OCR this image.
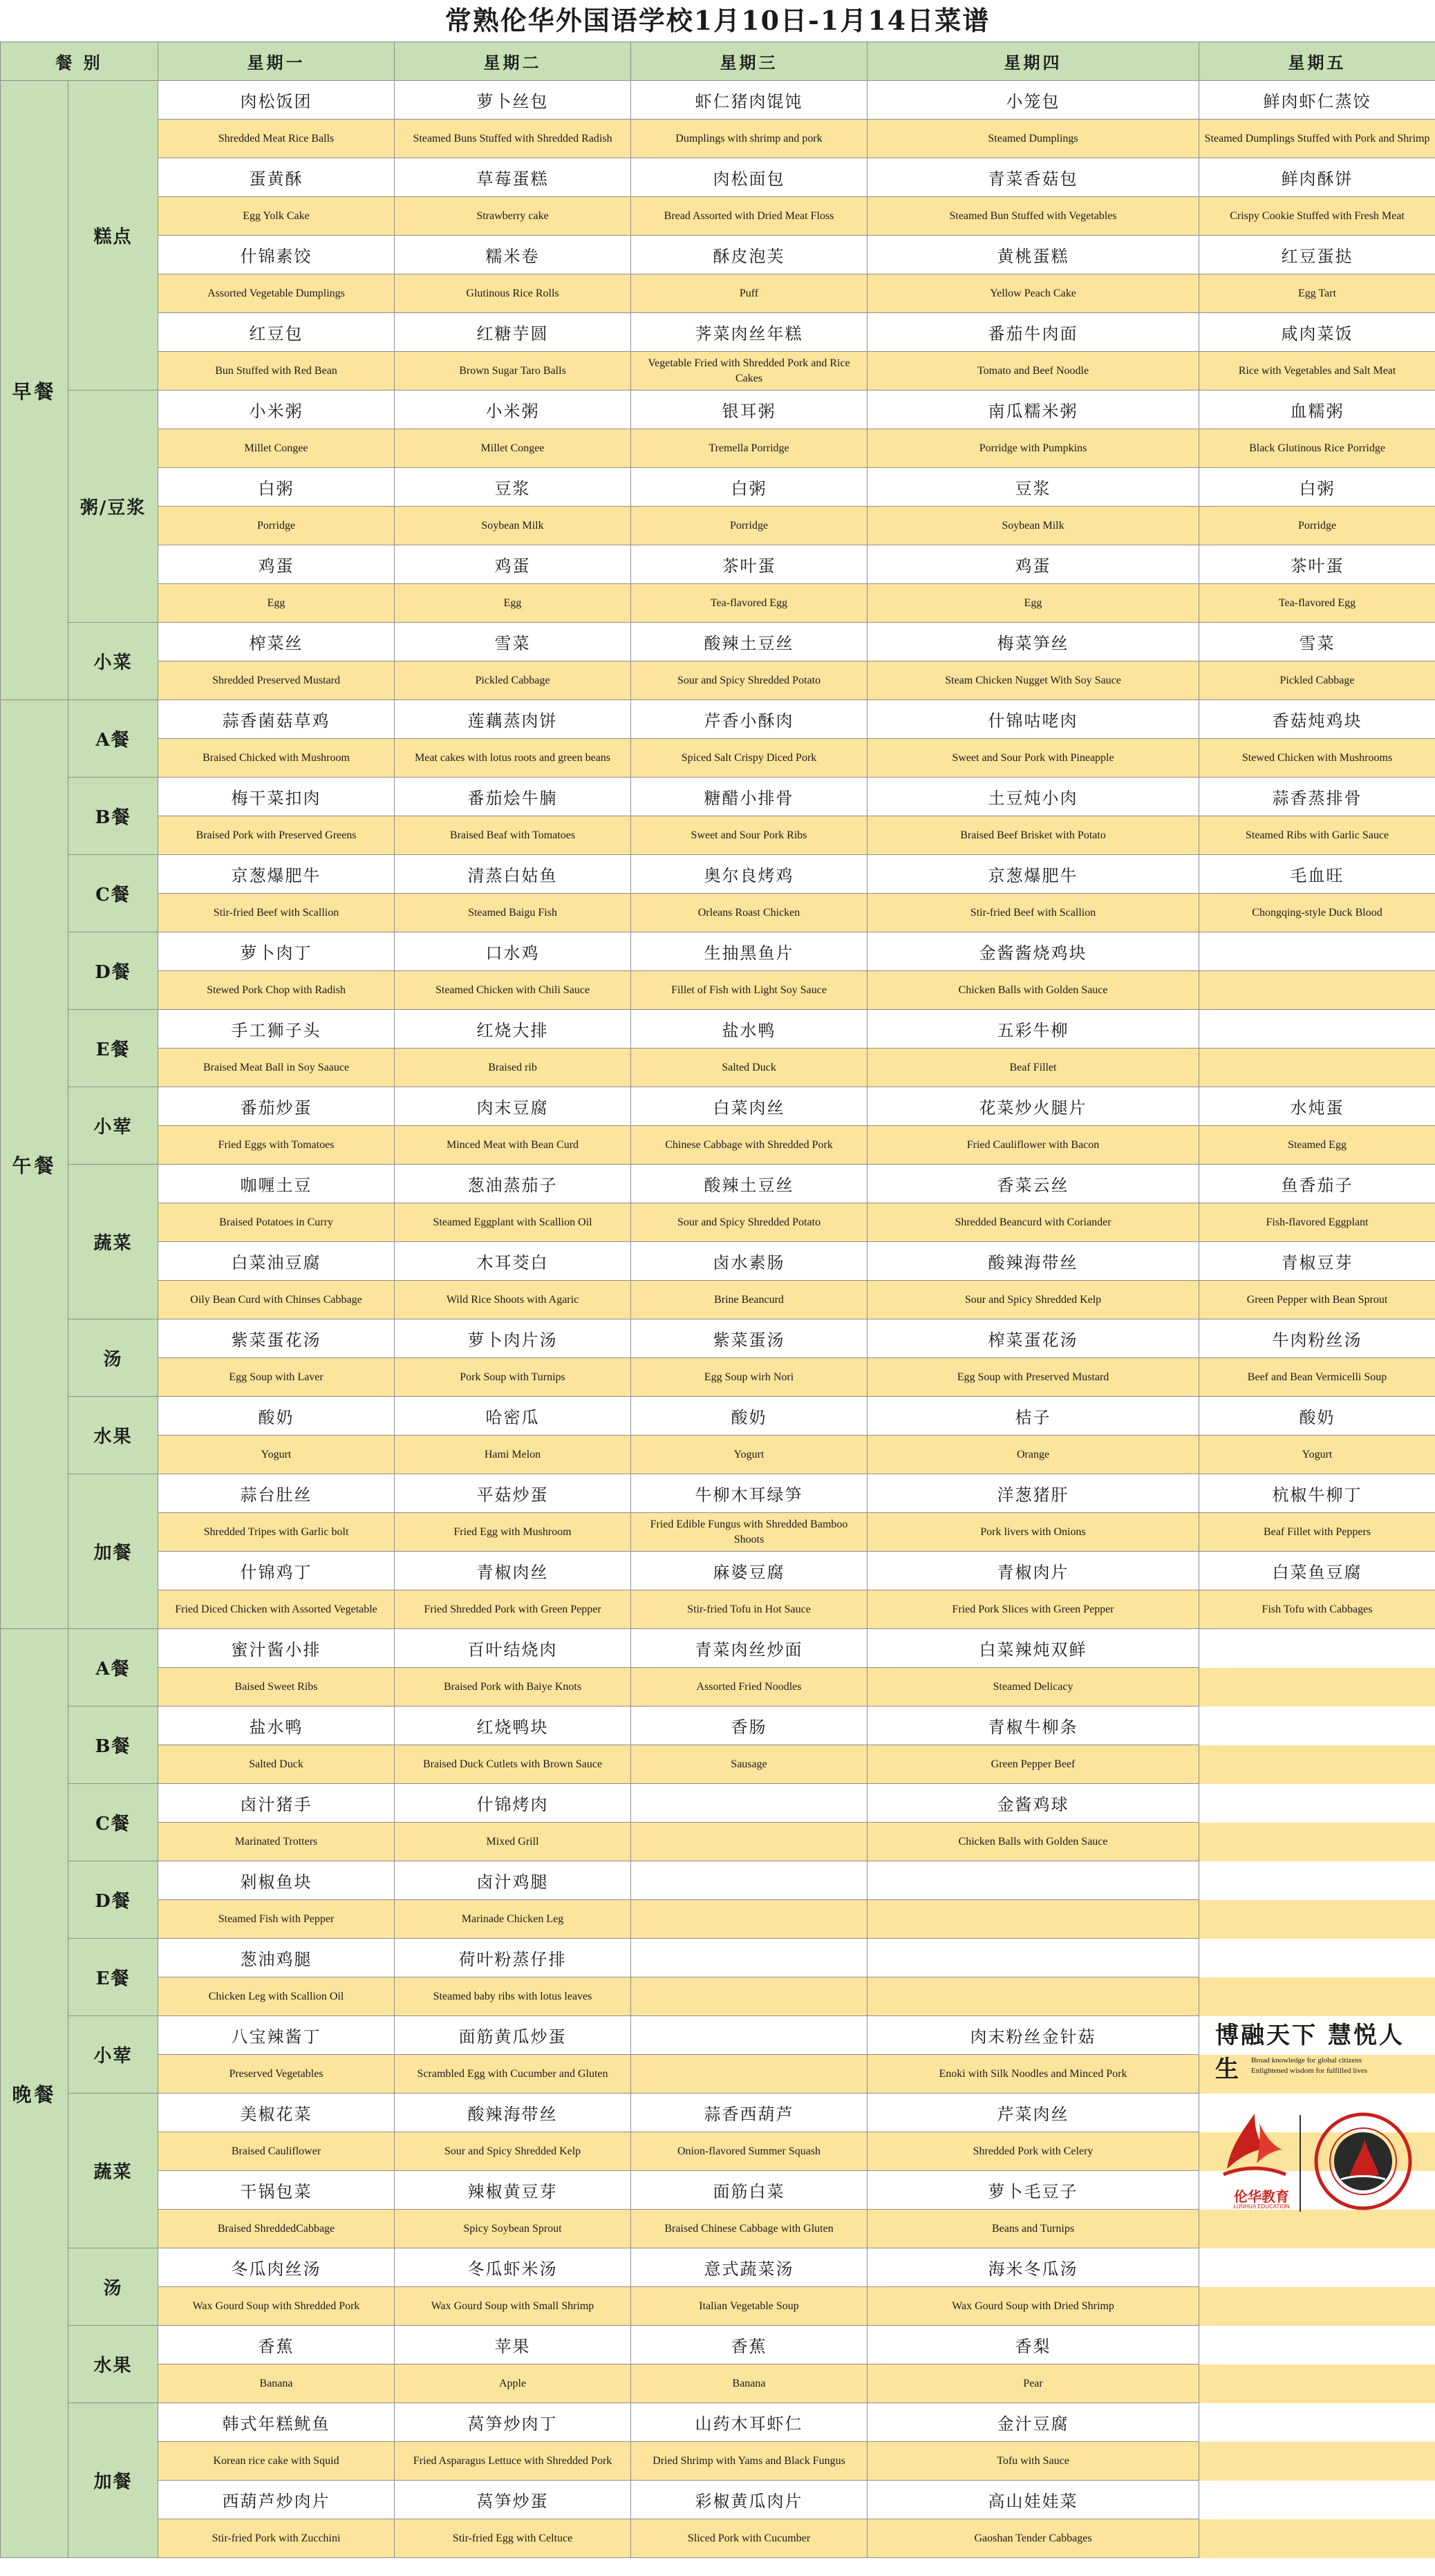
常熟伦华外国语学校1月10日-1月14日菜谱
餐 别		星期一	星期二	星期三	星期四	星期五
早餐	糕点	肉松饭团	萝卜丝包	虾仁猪肉馄饨	小笼包	鲜肉虾仁蒸饺
		Shredded Meat Rice Balls	Steamed Buns Stuffed with Shredded Radish	Dumplings with shrimp and pork	Steamed Dumplings	Steamed Dumplings Stuffed with Pork and Shrimp
		蛋黄酥	草莓蛋糕	肉松面包	青菜香菇包	鲜肉酥饼
		Egg Yolk Cake	Strawberry cake	Bread Assorted with Dried Meat Floss	Steamed Bun Stuffed with Vegetables	Crispy Cookie Stuffed with Fresh Meat
		什锦素饺	糯米卷	酥皮泡芙	黄桃蛋糕	红豆蛋挞
		Assorted Vegetable Dumplings	Glutinous Rice Rolls	Puff	Yellow Peach Cake	Egg Tart
		红豆包	红糖芋圆	荠菜肉丝年糕	番茄牛肉面	咸肉菜饭
		Bun Stuffed with Red Bean	Brown Sugar Taro Balls	Vegetable Fried with Shredded Pork and Rice Cakes	Tomato and Beef Noodle	Rice with Vegetables and Salt Meat
	粥/豆浆	小米粥	小米粥	银耳粥	南瓜糯米粥	血糯粥
		Millet Congee	Millet Congee	Tremella Porridge	Porridge with Pumpkins	Black Glutinous Rice Porridge
		白粥	豆浆	白粥	豆浆	白粥
		Porridge	Soybean Milk	Porridge	Soybean Milk	Porridge
		鸡蛋	鸡蛋	茶叶蛋	鸡蛋	茶叶蛋
		Egg	Egg	Tea-flavored Egg	Egg	Tea-flavored Egg
	小菜	榨菜丝	雪菜	酸辣土豆丝	梅菜笋丝	雪菜
		Shredded Preserved Mustard	Pickled Cabbage	Sour and Spicy Shredded Potato	Steam Chicken Nugget With Soy Sauce	Pickled Cabbage
午餐	A餐	蒜香菌菇草鸡	莲藕蒸肉饼	芹香小酥肉	什锦咕咾肉	香菇炖鸡块
		Braised Chicked with Mushroom	Meat cakes with lotus roots and green beans	Spiced Salt Crispy Diced Pork	Sweet and Sour Pork with Pineapple	Stewed Chicken with Mushrooms
	B餐	梅干菜扣肉	番茄烩牛腩	糖醋小排骨	土豆炖小肉	蒜香蒸排骨
		Braised Pork with Preserved Greens	Braised Beaf with Tomatoes	Sweet and Sour Pork Ribs	Braised Beef Brisket with Potato	Steamed Ribs with Garlic Sauce
	C餐	京葱爆肥牛	清蒸白姑鱼	奥尔良烤鸡	京葱爆肥牛	毛血旺
		Stir-fried Beef with Scallion	Steamed Baigu Fish	Orleans Roast Chicken	Stir-fried Beef with Scallion	Chongqing-style Duck Blood
	D餐	萝卜肉丁	口水鸡	生抽黑鱼片	金酱酱烧鸡块	
		Stewed Pork Chop with Radish	Steamed Chicken with Chili Sauce	Fillet of Fish with Light Soy Sauce	Chicken Balls with Golden Sauce	
	E餐	手工狮子头	红烧大排	盐水鸭	五彩牛柳	
		Braised Meat Ball in Soy Saauce	Braised rib	Salted Duck	Beaf Fillet	
	小荤	番茄炒蛋	肉末豆腐	白菜肉丝	花菜炒火腿片	水炖蛋
		Fried Eggs with Tomatoes	Minced Meat with Bean Curd	Chinese Cabbage with Shredded Pork	Fried Cauliflower with Bacon	Steamed Egg
	蔬菜	咖喱土豆	葱油蒸茄子	酸辣土豆丝	香菜云丝	鱼香茄子
		Braised Potatoes in Curry	Steamed Eggplant with Scallion Oil	Sour and Spicy Shredded Potato	Shredded Beancurd with Coriander	Fish-flavored Eggplant
		白菜油豆腐	木耳茭白	卤水素肠	酸辣海带丝	青椒豆芽
		Oily Bean Curd with Chinses Cabbage	Wild Rice Shoots with Agaric	Brine Beancurd	Sour and Spicy Shredded Kelp	Green Pepper with Bean Sprout
	汤	紫菜蛋花汤	萝卜肉片汤	紫菜蛋汤	榨菜蛋花汤	牛肉粉丝汤
		Egg Soup with Laver	Pork Soup with Turnips	Egg Soup wirh Nori	Egg Soup with Preserved Mustard	Beef and Bean Vermicelli Soup
	水果	酸奶	哈密瓜	酸奶	桔子	酸奶
		Yogurt	Hami Melon	Yogurt	Orange	Yogurt
	加餐	蒜台肚丝	平菇炒蛋	牛柳木耳绿笋	洋葱猪肝	杭椒牛柳丁
		Shredded Tripes with Garlic bolt	Fried Egg with Mushroom	Fried Edible Fungus with Shredded Bamboo Shoots	Pork livers with Onions	Beaf Fillet with Peppers
		什锦鸡丁	青椒肉丝	麻婆豆腐	青椒肉片	白菜鱼豆腐
		Fried Diced Chicken with Assorted Vegetable	Fried Shredded Pork with Green Pepper	Stir-fried Tofu in Hot Sauce	Fried Pork Slices with Green Pepper	Fish Tofu with Cabbages
晚餐	A餐	蜜汁酱小排	百叶结烧肉	青菜肉丝炒面	白菜辣炖双鲜	
		Baised Sweet Ribs	Braised Pork with Baiye Knots	Assorted Fried Noodles	Steamed Delicacy	
	B餐	盐水鸭	红烧鸭块	香肠	青椒牛柳条	
		Salted Duck	Braised Duck Cutlets with Brown Sauce	Sausage	Green Pepper Beef	
	C餐	卤汁猪手	什锦烤肉		金酱鸡球	
		Marinated Trotters	Mixed Grill		Chicken Balls with Golden Sauce	
	D餐	剁椒鱼块	卤汁鸡腿			
		Steamed Fish with Pepper	Marinade Chicken Leg			
	E餐	葱油鸡腿	荷叶粉蒸仔排			
		Chicken Leg with Scallion Oil	Steamed baby ribs with lotus leaves			
	小荤	八宝辣酱丁	面筋黄瓜炒蛋		肉末粉丝金针菇	
		Preserved Vegetables	Scrambled Egg with Cucumber and Gluten		Enoki with Silk Noodles and Minced Pork	
	蔬菜	美椒花菜	酸辣海带丝	蒜香西葫芦	芹菜肉丝	
		Braised Cauliflower	Sour and Spicy Shredded Kelp	Onion-flavored Summer Squash	Shredded Pork with Celery	
		干锅包菜	辣椒黄豆芽	面筋白菜	萝卜毛豆子	
		Braised ShreddedCabbage	Spicy Soybean Sprout	Braised Chinese Cabbage with Gluten	Beans and Turnips	
	汤	冬瓜肉丝汤	冬瓜虾米汤	意式蔬菜汤	海米冬瓜汤	
		Wax Gourd Soup with Shredded Pork	Wax Gourd Soup with Small Shrimp	Italian Vegetable Soup	Wax Gourd Soup with Dried Shrimp	
	水果	香蕉	苹果	香蕉	香梨	
		Banana	Apple	Banana	Pear	
	加餐	韩式年糕鱿鱼	莴笋炒肉丁	山药木耳虾仁	金汁豆腐	
		Korean rice cake with Squid	Fried Asparagus Lettuce with Shredded Pork	Dried Shrimp with Yams and Black Fungus	Tofu with Sauce	
		西葫芦炒肉片	莴笋炒蛋	彩椒黄瓜肉片	高山娃娃菜	
		Stir-fried Pork with Zucchini	Stir-fried Egg with Celtuce	Sliced Pork with Cucumber	Gaoshan Tender Cabbages	
博融天下 慧悦人生	Broad knowledge for global citizens
Enlightened wisdom for fulfilled lives
伦华教育
LUNHUA EDUCATION
